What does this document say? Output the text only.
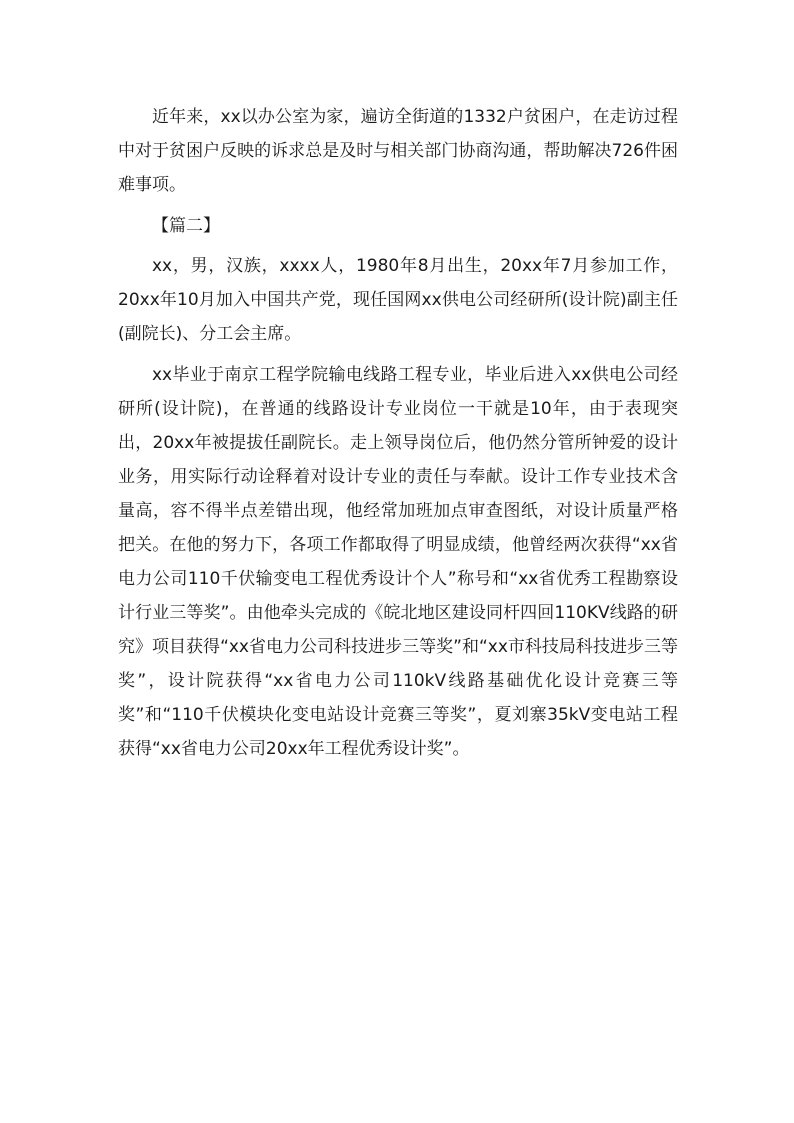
近年来，xx以办公室为家，遍访全街道的1332户贫困户，在走访过程中对于贫困户反映的诉求总是及时与相关部门协商沟通，帮助解决726件困难事项。

【篇二】

xx，男，汉族，xxxx人，1980年8月出生，20xx年7月参加工作，20xx年10月加入中国共产党，现任国网xx供电公司经研所(设计院)副主任(副院长)、分工会主席。

xx毕业于南京工程学院输电线路工程专业，毕业后进入xx供电公司经研所(设计院)，在普通的线路设计专业岗位一干就是10年，由于表现突出，20xx年被提拔任副院长。走上领导岗位后，他仍然分管所钟爱的设计业务，用实际行动诠释着对设计专业的责任与奉献。设计工作专业技术含量高，容不得半点差错出现，他经常加班加点审查图纸，对设计质量严格把关。在他的努力下，各项工作都取得了明显成绩，他曾经两次获得“xx省电力公司110千伏输变电工程优秀设计个人”称号和“xx省优秀工程勘察设计行业三等奖”。由他牵头完成的《皖北地区建设同杆四回110KV线路的研究》项目获得“xx省电力公司科技进步三等奖”和“xx市科技局科技进步三等奖”，设计院获得“xx省电力公司110kV线路基础优化设计竞赛三等奖”和“110千伏模块化变电站设计竞赛三等奖”，夏刘寨35kV变电站工程获得“xx省电力公司20xx年工程优秀设计奖”。
